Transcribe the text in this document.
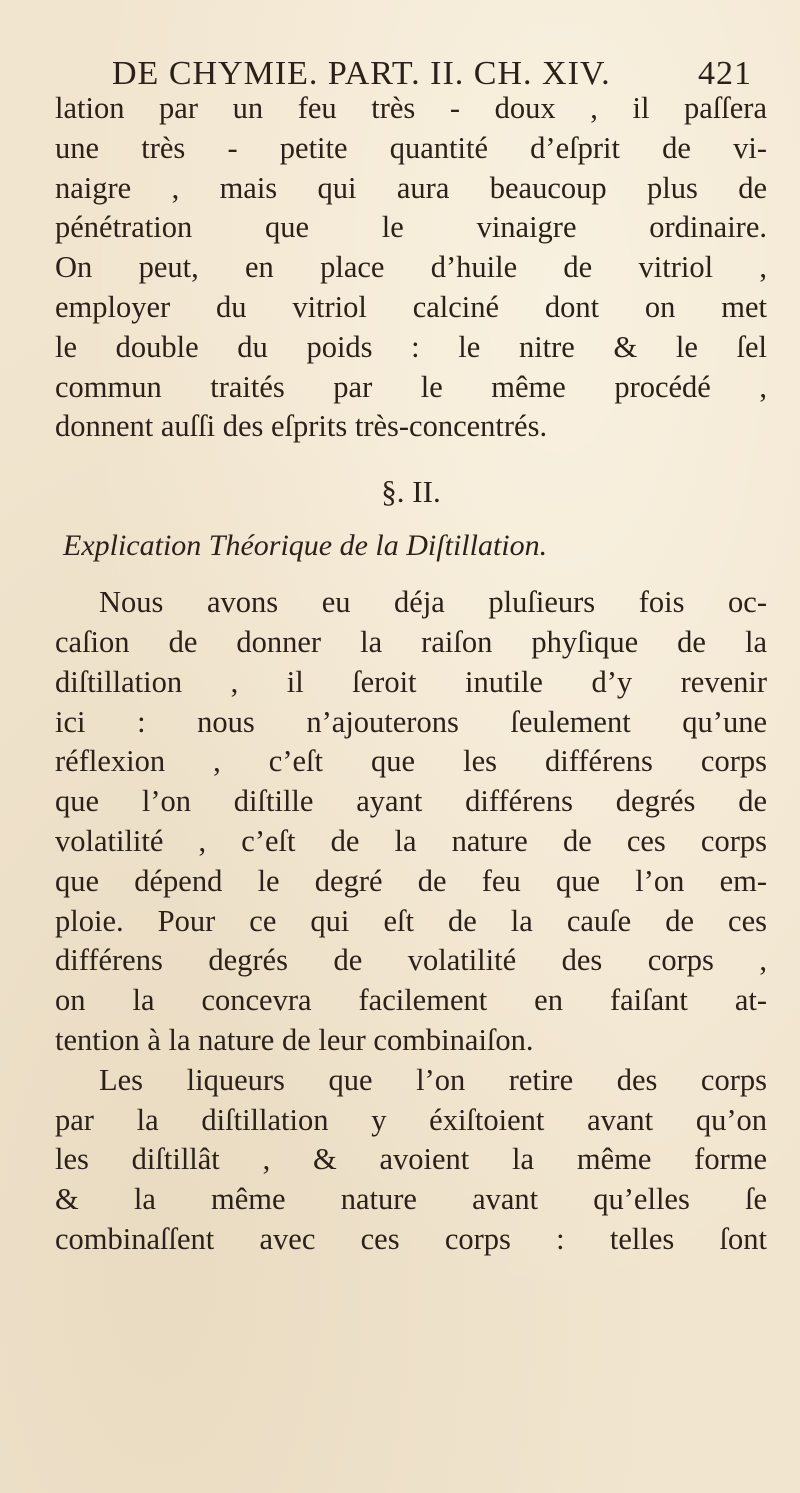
DE CHYMIE. PART. II. CH. XIV.	421
lation par un feu très - doux , il paſſera
une très - petite quantité d’eſprit de vi-
naigre , mais qui aura beaucoup plus de
pénétration que le vinaigre ordinaire.
On peut, en place d’huile de vitriol ,
employer du vitriol calciné dont on met
le double du poids : le nitre & le ſel
commun traités par le même procédé ,
donnent auſſi des eſprits très-concentrés.
§. II.
Explication Théorique de la Diſtillation.
Nous avons eu déja pluſieurs fois oc-
caſion de donner la raiſon phyſique de la
diſtillation , il ſeroit inutile d’y revenir
ici : nous n’ajouterons ſeulement qu’une
réflexion , c’eſt que les différens corps
que l’on diſtille ayant différens degrés de
volatilité , c’eſt de la nature de ces corps
que dépend le degré de feu que l’on em-
ploie. Pour ce qui eſt de la cauſe de ces
différens degrés de volatilité des corps ,
on la concevra facilement en faiſant at-
tention à la nature de leur combinaiſon.
Les liqueurs que l’on retire des corps
par la diſtillation y éxiſtoient avant qu’on
les diſtillât , & avoient la même forme
& la même nature avant qu’elles ſe
combinaſſent avec ces corps : telles ſont
